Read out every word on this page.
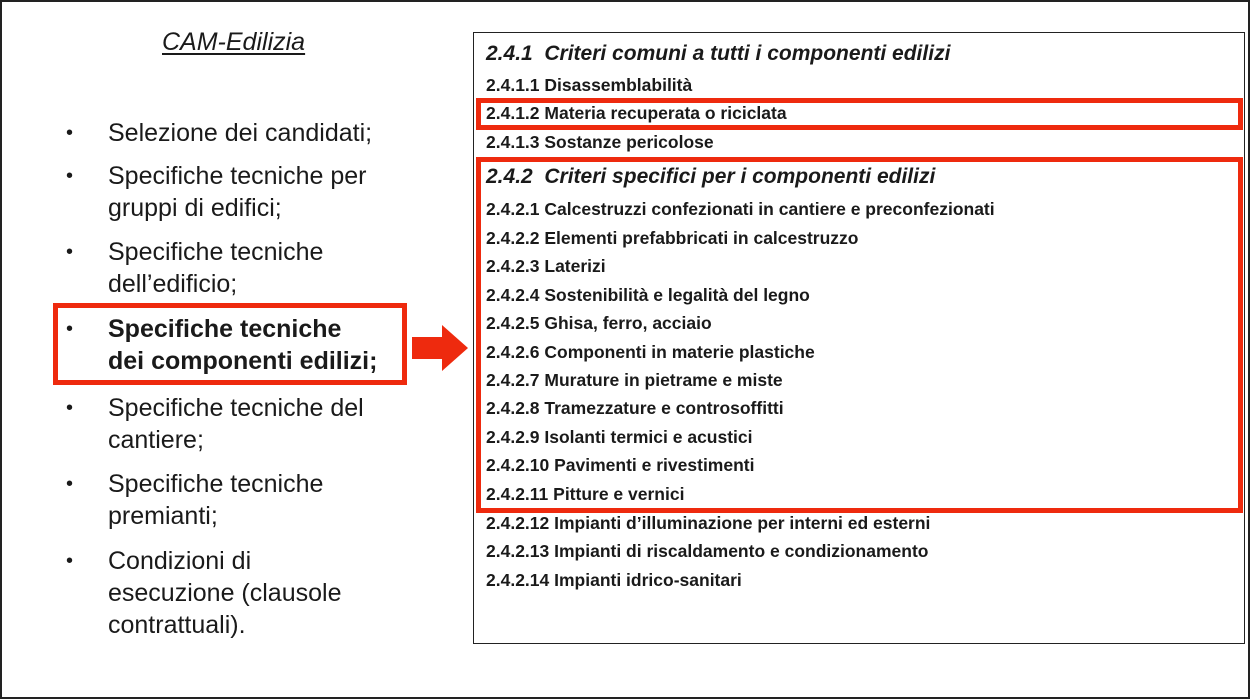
CAM-Edilizia
• Selezione dei candidati;
• Specifiche tecniche per
gruppi di edifici;
• Specifiche tecniche
dell’edificio;
• Specifiche tecniche
dei componenti edilizi;
• Specifiche tecniche del
cantiere;
• Specifiche tecniche
premianti;
• Condizioni di
esecuzione (clausole
contrattuali).
2.4.1  Criteri comuni a tutti i componenti edilizi
2.4.1.1 Disassemblabilità
2.4.1.2 Materia recuperata o riciclata
2.4.1.3 Sostanze pericolose
2.4.2  Criteri specifici per i componenti edilizi
2.4.2.1 Calcestruzzi confezionati in cantiere e preconfezionati
2.4.2.2 Elementi prefabbricati in calcestruzzo
2.4.2.3 Laterizi
2.4.2.4 Sostenibilità e legalità del legno
2.4.2.5 Ghisa, ferro, acciaio
2.4.2.6 Componenti in materie plastiche
2.4.2.7 Murature in pietrame e miste
2.4.2.8 Tramezzature e controsoffitti
2.4.2.9 Isolanti termici e acustici
2.4.2.10 Pavimenti e rivestimenti
2.4.2.11 Pitture e vernici
2.4.2.12 Impianti d’illuminazione per interni ed esterni
2.4.2.13 Impianti di riscaldamento e condizionamento
2.4.2.14 Impianti idrico-sanitari
